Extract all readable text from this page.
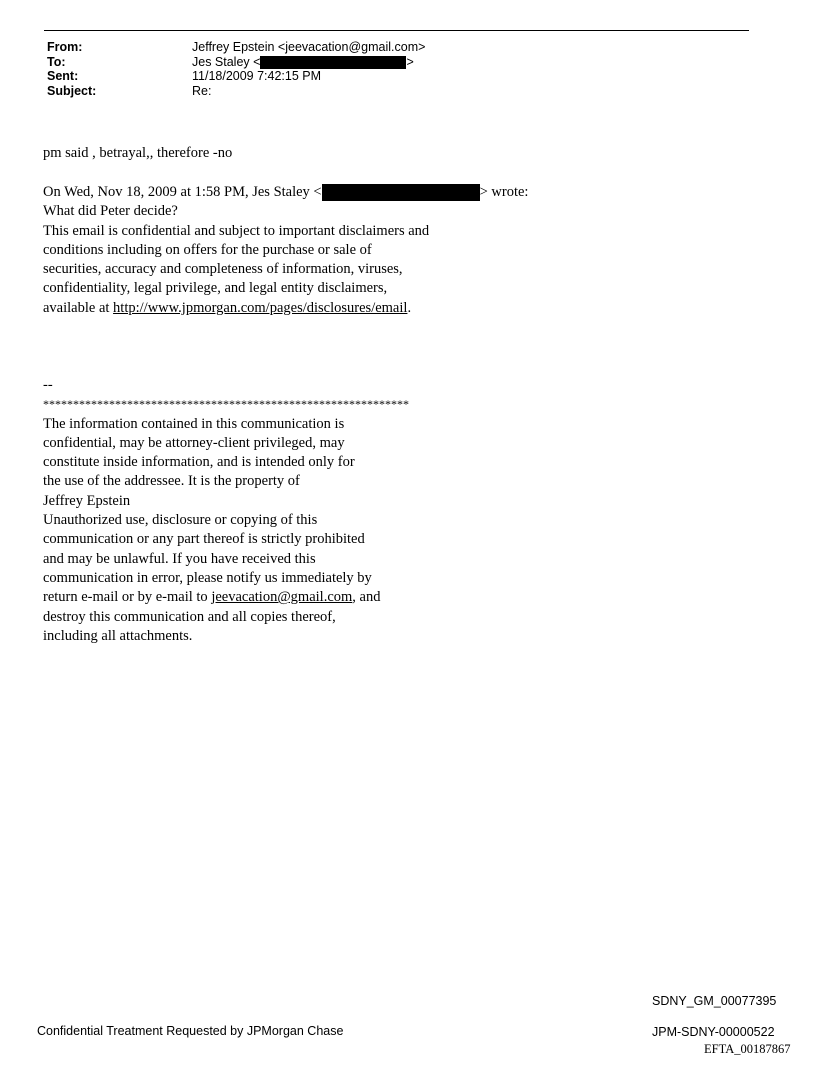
From:	Jeffrey Epstein <jeevacation@gmail.com>
To:	Jes Staley <	>
Sent:	11/18/2009 7:42:15 PM
Subject:	Re:
pm said , betrayal,, therefore -no
On Wed, Nov 18, 2009 at 1:58 PM, Jes Staley <	> wrote:
What did Peter decide?
This email is confidential and subject to important disclaimers and
conditions including on offers for the purchase or sale of
securities, accuracy and completeness of information, viruses,
confidentiality, legal privilege, and legal entity disclaimers,
available at http://www.jpmorgan.com/pages/disclosures/email.
--
*************************************************************
The information contained in this communication is
confidential, may be attorney-client privileged, may
constitute inside information, and is intended only for
the use of the addressee. It is the property of
Jeffrey Epstein
Unauthorized use, disclosure or copying of this
communication or any part thereof is strictly prohibited
and may be unlawful. If you have received this
communication in error, please notify us immediately by
return e-mail or by e-mail to jeevacation@gmail.com, and
destroy this communication and all copies thereof,
including all attachments.
SDNY_GM_00077395
Confidential Treatment Requested by JPMorgan Chase	JPM-SDNY-00000522
EFTA_00187867
